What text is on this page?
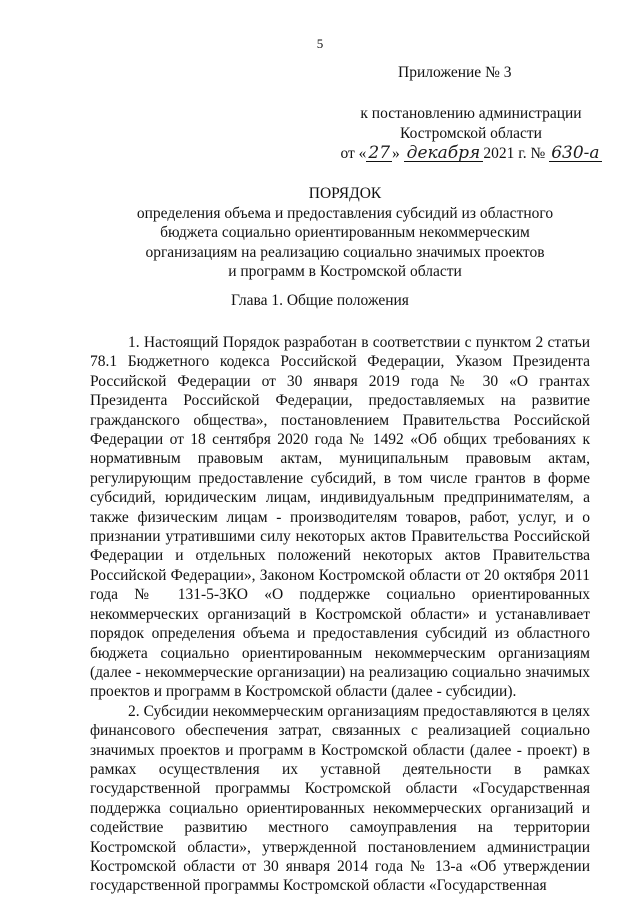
5
Приложение № 3
к постановлению администрации
Костромской области
от « 27 » декабря 2021 г. № 630-а
ПОРЯДОК
определения объема и предоставления субсидий из областного
бюджета социально ориентированным некоммерческим
организациям на реализацию социально значимых проектов
и программ в Костромской области
Глава 1. Общие положения

1. Настоящий Порядок разработан в соответствии с пунктом 2 статьи 78.1 Бюджетного кодекса Российской Федерации, Указом Президента Российской Федерации от 30 января 2019 года № 30 «О грантах Президента Российской Федерации, предоставляемых на развитие гражданского общества», постановлением Правительства Российской Федерации от 18 сентября 2020 года № 1492 «Об общих требованиях к нормативным правовым актам, муниципальным правовым актам, регулирующим предоставление субсидий, в том числе грантов в форме субсидий, юридическим лицам, индивидуальным предпринимателям, а также физическим лицам - производителям товаров, работ, услуг, и о признании утратившими силу некоторых актов Правительства Российской Федерации и отдельных положений некоторых актов Правительства Российской Федерации», Законом Костромской области от 20 октября 2011 года № 131-5-ЗКО «О поддержке социально ориентированных некоммерческих организаций в Костромской области» и устанавливает порядок определения объема и предоставления субсидий из областного бюджета социально ориентированным некоммерческим организациям (далее - некоммерческие организации) на реализацию социально значимых проектов и программ в Костромской области (далее - субсидии).

2. Субсидии некоммерческим организациям предоставляются в целях финансового обеспечения затрат, связанных с реализацией социально значимых проектов и программ в Костромской области (далее - проект) в рамках осуществления их уставной деятельности в рамках государственной программы Костромской области «Государственная поддержка социально ориентированных некоммерческих организаций и содействие развитию местного самоуправления на территории Костромской области», утвержденной постановлением администрации Костромской области от 30 января 2014 года № 13-а «Об утверждении государственной программы Костромской области «Государственная
